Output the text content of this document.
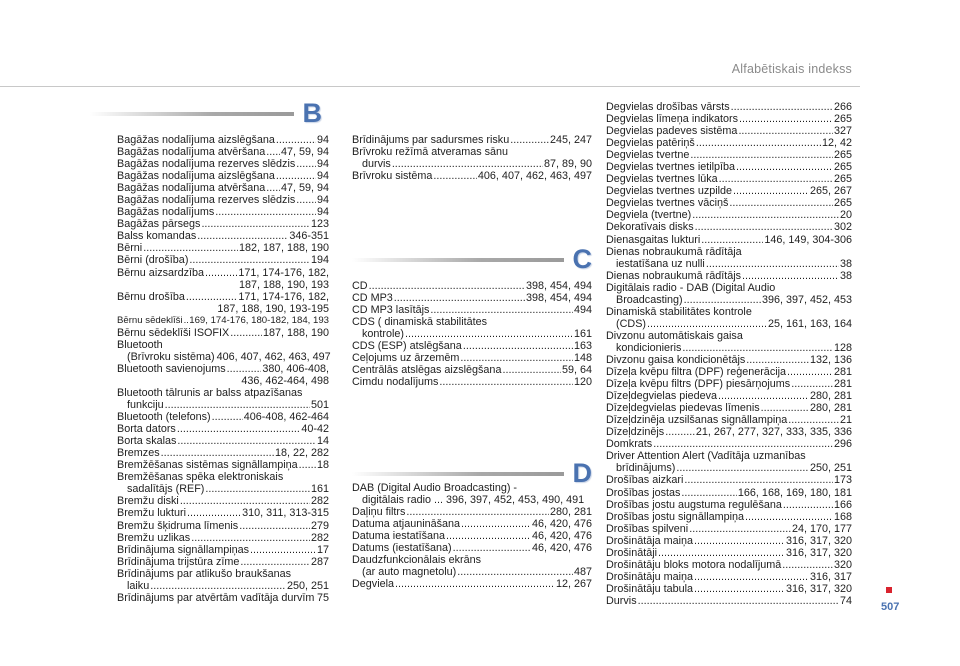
Alfabētiskais indekss
B
C
D
Bagāžas nodalījuma aizslēgšana .....	94
Bagāžas nodalījuma atvēršana ..... 47, 59, 94
Bagāžas nodalījuma rezerves slēdzis ..... 94
Bagāžas nodalījuma aizslēgšana .....	94
Bagāžas nodalījuma atvēršana ..... 47, 59, 94
Bagāžas nodalījuma rezerves slēdzis ..... 94
Bagāžas nodalījums .....	94
Bagāžas pārsegs .....	123
Balss komandas .....	346-351
Bērni .....	182, 187, 188, 190
Bērni (drošība) .....	194
Bērnu aizsardzība .....	171, 174-176, 182,
187, 188, 190, 193
Bērnu drošība .....	171, 174-176, 182,
187, 188, 190, 193-195
Bērnu sēdeklīši ..... 169, 174-176, 180-182, 184, 193
Bērnu sēdeklīši ISOFIX .....	187, 188, 190
Bluetooth
(Brīvroku sistēma) 406, 407, 462, 463, 497
Bluetooth savienojums .....	380, 406-408,
436, 462-464, 498
Bluetooth tālrunis ar balss atpazīšanas
funkciju .....	501
Bluetooth (telefons) .....	406-408, 462-464
Borta dators .....	40-42
Borta skalas .....	14
Bremzes .....	18, 22, 282
Bremžēšanas sistēmas signāllampiņa ..... 18
Bremžēšanas spēka elektroniskais
sadalītājs (REF) .....	161
Bremžu diski .....	282
Bremžu lukturi .....	310, 311, 313-315
Bremžu šķidruma līmenis .....	279
Bremžu uzlikas .....	282
Brīdinājuma signāllampiņas .....	17
Brīdinājuma trijstūra zīme .....	287
Brīdinājums par atlikušo braukšanas
laiku .....	250, 251
Brīdinājums par atvērtām vadītāja durvīm ..... 75
Brīdinājums par sadursmes risku .....	245, 247
Brīvroku režīmā atveramas sānu
durvis .....	87, 89, 90
Brīvroku sistēma .....	406, 407, 462, 463, 497
CD .....	398, 454, 494
CD MP3 .....	398, 454, 494
CD MP3 lasītājs .....	494
CDS ( dinamiskā stabilitātes
kontrole) .....	161
CDS (ESP) atslēgšana .....	163
Ceļojums uz ārzemēm .....	148
Centrālās atslēgas aizslēgšana .....	59, 64
Cimdu nodalījums .....	120
DAB (Digital Audio Broadcasting) -
digitālais radio ... 396, 397, 452, 453, 490, 491
Daļiņu filtrs .....	280, 281
Datuma atjaunināšana .....	46, 420, 476
Datuma iestatīšana .....	46, 420, 476
Datums (iestatīšana) .....	46, 420, 476
Daudzfunkcionālais ekrāns
(ar auto magnetolu) .....	487
Degviela .....	12, 267
Degvielas drošības vārsts .....	266
Degvielas līmeņa indikators .....	265
Degvielas padeves sistēma .....	327
Degvielas patēriņš .....	12, 42
Degvielas tvertne .....	265
Degvielas tvertnes ietilpība .....	265
Degvielas tvertnes lūka .....	265
Degvielas tvertnes uzpilde .....	265, 267
Degvielas tvertnes vāciņš .....	265
Degviela (tvertne) .....	20
Dekoratīvais disks .....	302
Dienasgaitas lukturi .....	146, 149, 304-306
Dienas nobraukumā rādītāja
iestatīšana uz nulli .....	38
Dienas nobraukumā rādītājs .....	38
Digitālais radio - DAB (Digital Audio
Broadcasting) .....	396, 397, 452, 453
Dinamiskā stabilitātes kontrole
(CDS) .....	25, 161, 163, 164
Divzonu automātiskais gaisa
kondicionieris .....	128
Divzonu gaisa kondicionētājs .....	132, 136
Dīzeļa kvēpu filtra (DPF) reģenerācija .....	281
Dīzeļa kvēpu filtrs (DPF) piesārņojums .....	281
Dīzeļdegvielas piedeva .....	280, 281
Dīzeļdegvielas piedevas līmenis .....	280, 281
Dīzeļdzinēja uzsilšanas signāllampiņa .....	21
Dīzeļdzinējs .....	21, 267, 277, 327, 333, 335, 336
Domkrats .....	296
Driver Attention Alert (Vadītāja uzmanības
brīdinājums) .....	250, 251
Drošības aizkari .....	173
Drošības jostas .....	166, 168, 169, 180, 181
Drošības jostu augstuma regulēšana .....	166
Drošības jostu signāllampiņa .....	168
Drošības spilveni .....	24, 170, 177
Drošinātāja maiņa .....	316, 317, 320
Drošinātāji .....	316, 317, 320
Drošinātāju bloks motora nodalījumā .....	320
Drošinātāju maiņa .....	316, 317
Drošinātāju tabula .....	316, 317, 320
Durvis .....	74
507
